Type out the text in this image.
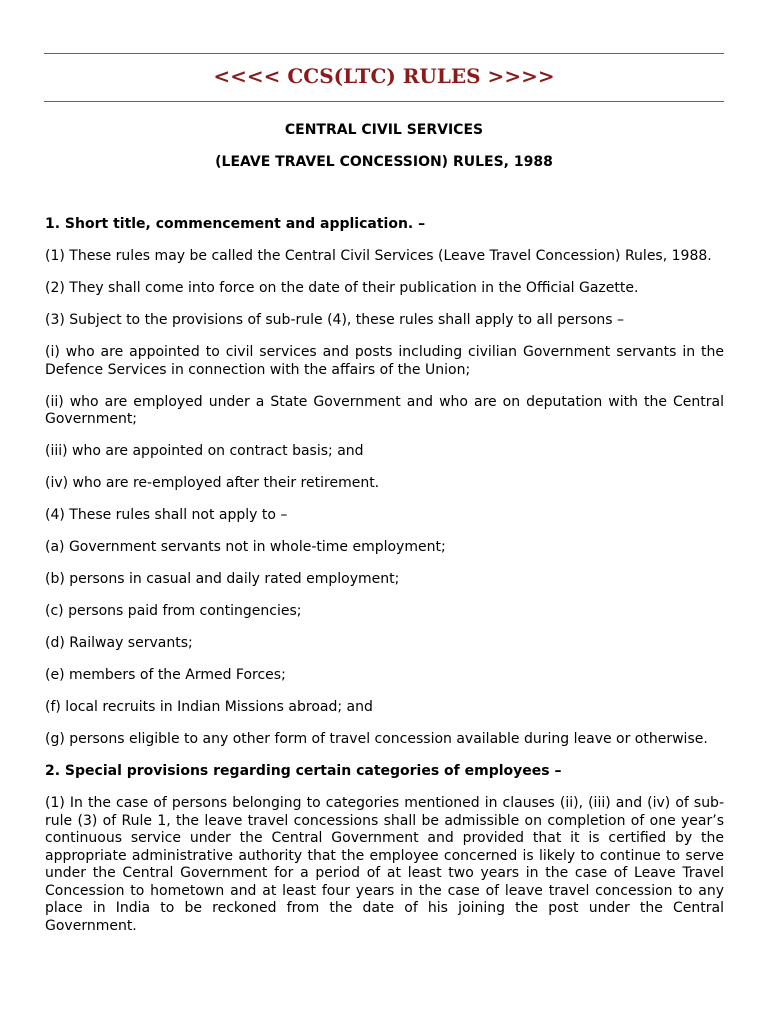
<<<< CCS(LTC) RULES >>>>
CENTRAL CIVIL SERVICES
(LEAVE TRAVEL CONCESSION) RULES, 1988

1. Short title, commencement and application. –

(1) These rules may be called the Central Civil Services (Leave Travel Concession) Rules, 1988.

(2) They shall come into force on the date of their publication in the Official Gazette.

(3) Subject to the provisions of sub-rule (4), these rules shall apply to all persons –

(i) who are appointed to civil services and posts including civilian Government servants in the Defence Services in connection with the affairs of the Union;

(ii) who are employed under a State Government and who are on deputation with the Central Government;

(iii) who are appointed on contract basis; and

(iv) who are re-employed after their retirement.

(4) These rules shall not apply to –

(a) Government servants not in whole-time employment;

(b) persons in casual and daily rated employment;

(c) persons paid from contingencies;

(d) Railway servants;

(e) members of the Armed Forces;

(f) local recruits in Indian Missions abroad; and

(g) persons eligible to any other form of travel concession available during leave or otherwise.

2. Special provisions regarding certain categories of employees –

(1) In the case of persons belonging to categories mentioned in clauses (ii), (iii) and (iv) of sub-rule (3) of Rule 1, the leave travel concessions shall be admissible on completion of one year’s continuous service under the Central Government and provided that it is certified by the appropriate administrative authority that the employee concerned is likely to continue to serve under the Central Government for a period of at least two years in the case of Leave Travel Concession to hometown and at least four years in the case of leave travel concession to any place in India to be reckoned from the date of his joining the post under the Central Government.
